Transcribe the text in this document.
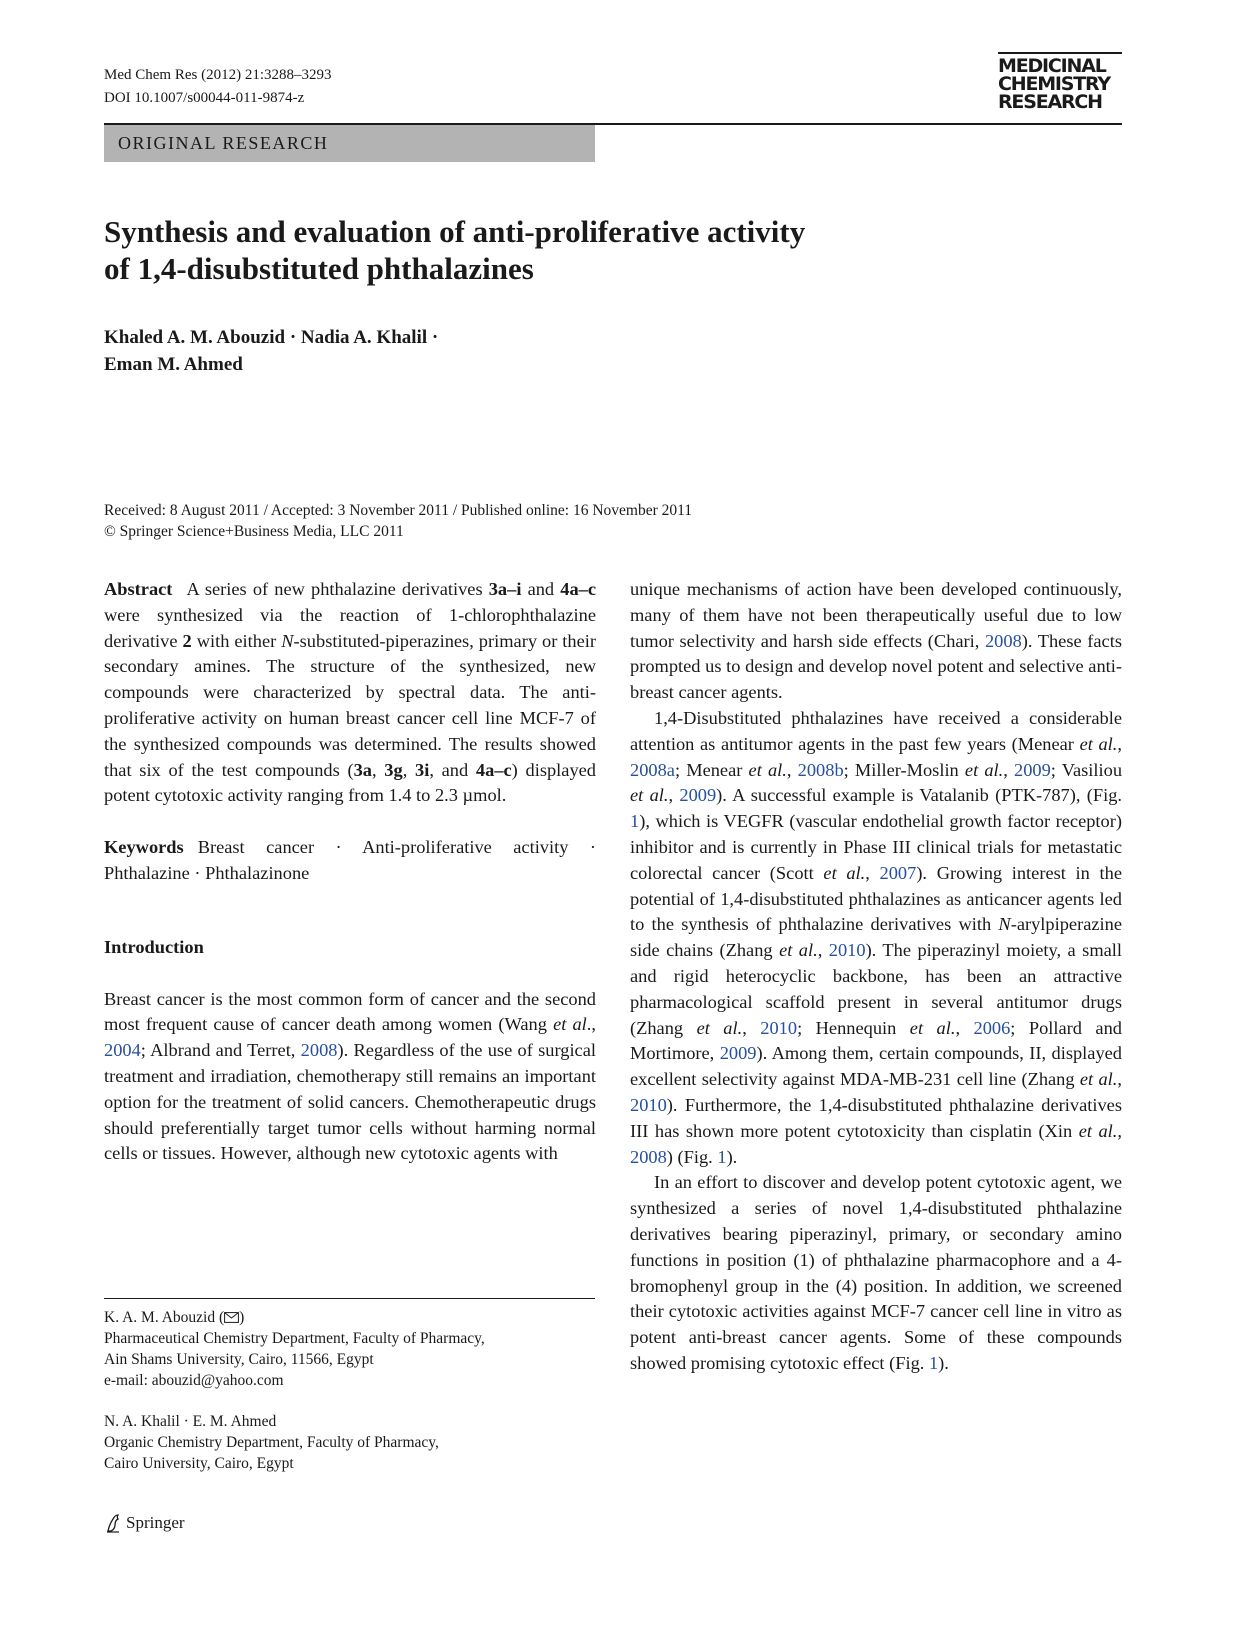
Med Chem Res (2012) 21:3288–3293
DOI 10.1007/s00044-011-9874-z
MEDICINAL
CHEMISTRY
RESEARCH
ORIGINAL RESEARCH
Synthesis and evaluation of anti-proliferative activity
of 1,4-disubstituted phthalazines
Khaled A. M. Abouzid · Nadia A. Khalil ·
Eman M. Ahmed
Received: 8 August 2011 / Accepted: 3 November 2011 / Published online: 16 November 2011
© Springer Science+Business Media, LLC 2011

Abstract A series of new phthalazine derivatives 3a–i and 4a–c were synthesized via the reaction of 1-chlorophthalazine derivative 2 with either N-substituted-piperazines, primary or their secondary amines. The structure of the synthesized, new compounds were characterized by spectral data. The anti-proliferative activity on human breast cancer cell line MCF-7 of the synthesized compounds was determined. The results showed that six of the test compounds (3a, 3g, 3i, and 4a–c) displayed potent cytotoxic activity ranging from 1.4 to 2.3 µmol.

Keywords Breast cancer · Anti-proliferative activity · Phthalazine · Phthalazinone

Introduction

Breast cancer is the most common form of cancer and the second most frequent cause of cancer death among women (Wang et al., 2004; Albrand and Terret, 2008). Regardless of the use of surgical treatment and irradiation, chemotherapy still remains an important option for the treatment of solid cancers. Chemotherapeutic drugs should preferentially target tumor cells without harming normal cells or tissues. However, although new cytotoxic agents with

unique mechanisms of action have been developed continuously, many of them have not been therapeutically useful due to low tumor selectivity and harsh side effects (Chari, 2008). These facts prompted us to design and develop novel potent and selective anti-breast cancer agents.

1,4-Disubstituted phthalazines have received a considerable attention as antitumor agents in the past few years (Menear et al., 2008a; Menear et al., 2008b; Miller-Moslin et al., 2009; Vasiliou et al., 2009). A successful example is Vatalanib (PTK-787), (Fig. 1), which is VEGFR (vascular endothelial growth factor receptor) inhibitor and is currently in Phase III clinical trials for metastatic colorectal cancer (Scott et al., 2007). Growing interest in the potential of 1,4-disubstituted phthalazines as anticancer agents led to the synthesis of phthalazine derivatives with N-arylpiperazine side chains (Zhang et al., 2010). The piperazinyl moiety, a small and rigid heterocyclic backbone, has been an attractive pharmacological scaffold present in several antitumor drugs (Zhang et al., 2010; Hennequin et al., 2006; Pollard and Mortimore, 2009). Among them, certain compounds, II, displayed excellent selectivity against MDA-MB-231 cell line (Zhang et al., 2010). Furthermore, the 1,4-disubstituted phthalazine derivatives III has shown more potent cytotoxicity than cisplatin (Xin et al., 2008) (Fig. 1).

In an effort to discover and develop potent cytotoxic agent, we synthesized a series of novel 1,4-disubstituted phthalazine derivatives bearing piperazinyl, primary, or secondary amino functions in position (1) of phthalazine pharmacophore and a 4-bromophenyl group in the (4) position. In addition, we screened their cytotoxic activities against MCF-7 cancer cell line in vitro as potent anti-breast cancer agents. Some of these compounds showed promising cytotoxic effect (Fig. 1).

K. A. M. Abouzid ( )
Pharmaceutical Chemistry Department, Faculty of Pharmacy,
Ain Shams University, Cairo, 11566, Egypt
e-mail: abouzid@yahoo.com
N. A. Khalil · E. M. Ahmed
Organic Chemistry Department, Faculty of Pharmacy,
Cairo University, Cairo, Egypt
Springer
